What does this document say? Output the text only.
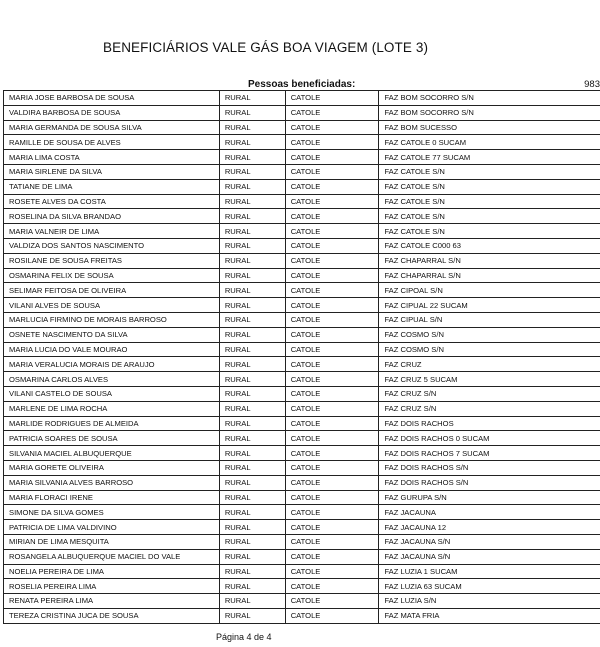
BENEFICIÁRIOS VALE GÁS BOA VIAGEM (LOTE 3)
Pessoas beneficiadas:	983
MARIA JOSE BARBOSA DE SOUSA	RURAL	CATOLE	FAZ BOM SOCORRO S/N
VALDIRA BARBOSA DE SOUSA	RURAL	CATOLE	FAZ BOM SOCORRO S/N
MARIA GERMANDA DE SOUSA SILVA	RURAL	CATOLE	FAZ BOM SUCESSO
RAMILLE DE SOUSA DE ALVES	RURAL	CATOLE	FAZ CATOLE 0 SUCAM
MARIA LIMA COSTA	RURAL	CATOLE	FAZ CATOLE 77 SUCAM
MARIA SIRLENE DA SILVA	RURAL	CATOLE	FAZ CATOLE S/N
TATIANE DE LIMA	RURAL	CATOLE	FAZ CATOLE S/N
ROSETE ALVES DA COSTA	RURAL	CATOLE	FAZ CATOLE S/N
ROSELINA DA SILVA BRANDAO	RURAL	CATOLE	FAZ CATOLE S/N
MARIA VALNEIR DE LIMA	RURAL	CATOLE	FAZ CATOLE S/N
VALDIZA DOS SANTOS NASCIMENTO	RURAL	CATOLE	FAZ CATOLE C000 63
ROSILANE DE SOUSA FREITAS	RURAL	CATOLE	FAZ CHAPARRAL S/N
OSMARINA FELIX DE SOUSA	RURAL	CATOLE	FAZ CHAPARRAL S/N
SELIMAR FEITOSA DE OLIVEIRA	RURAL	CATOLE	FAZ CIPOAL S/N
VILANI ALVES DE SOUSA	RURAL	CATOLE	FAZ CIPUAL 22 SUCAM
MARLUCIA FIRMINO DE MORAIS BARROSO	RURAL	CATOLE	FAZ CIPUAL S/N
OSNETE NASCIMENTO DA SILVA	RURAL	CATOLE	FAZ COSMO S/N
MARIA LUCIA DO VALE MOURAO	RURAL	CATOLE	FAZ COSMO S/N
MARIA VERALUCIA MORAIS DE ARAUJO	RURAL	CATOLE	FAZ CRUZ
OSMARINA CARLOS ALVES	RURAL	CATOLE	FAZ CRUZ 5 SUCAM
VILANI CASTELO DE SOUSA	RURAL	CATOLE	FAZ CRUZ S/N
MARLENE DE LIMA ROCHA	RURAL	CATOLE	FAZ CRUZ S/N
MARLIDE RODRIGUES DE ALMEIDA	RURAL	CATOLE	FAZ DOIS RACHOS
PATRICIA SOARES DE SOUSA	RURAL	CATOLE	FAZ DOIS RACHOS 0 SUCAM
SILVANIA MACIEL ALBUQUERQUE	RURAL	CATOLE	FAZ DOIS RACHOS 7 SUCAM
MARIA GORETE OLIVEIRA	RURAL	CATOLE	FAZ DOIS RACHOS S/N
MARIA SILVANIA ALVES BARROSO	RURAL	CATOLE	FAZ DOIS RACHOS S/N
MARIA FLORACI IRENE	RURAL	CATOLE	FAZ GURUPA S/N
SIMONE DA SILVA GOMES	RURAL	CATOLE	FAZ JACAUNA
PATRICIA DE LIMA VALDIVINO	RURAL	CATOLE	FAZ JACAUNA 12
MIRIAN DE LIMA MESQUITA	RURAL	CATOLE	FAZ JACAUNA S/N
ROSANGELA ALBUQUERQUE MACIEL DO VALE	RURAL	CATOLE	FAZ JACAUNA S/N
NOELIA PEREIRA DE LIMA	RURAL	CATOLE	FAZ LUZIA 1 SUCAM
ROSELIA PEREIRA LIMA	RURAL	CATOLE	FAZ LUZIA 63 SUCAM
RENATA PEREIRA LIMA	RURAL	CATOLE	FAZ LUZIA S/N
TEREZA CRISTINA JUCA DE SOUSA	RURAL	CATOLE	FAZ MATA FRIA
Página 4 de 4
